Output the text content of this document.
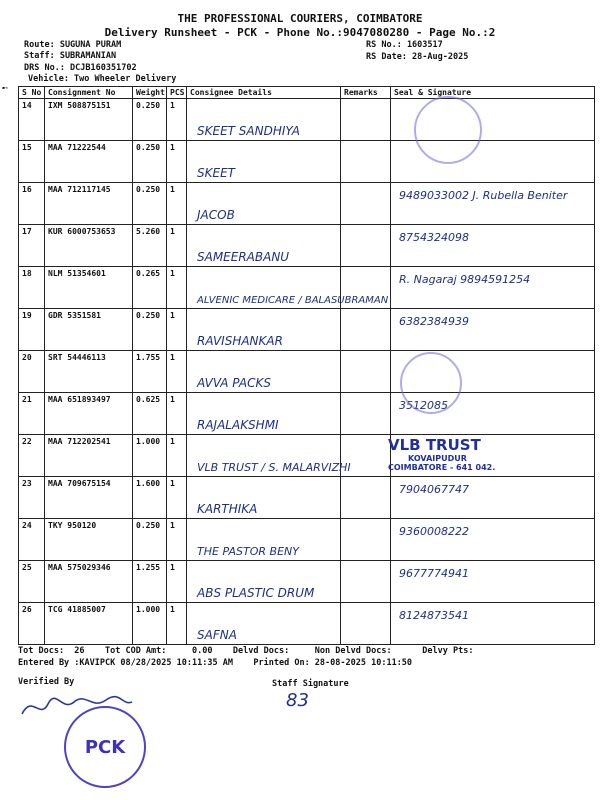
➸
THE PROFESSIONAL COURIERS, COIMBATORE
Delivery Runsheet - PCK - Phone No.:9047080280 - Page No.:2
Route: SUGUNA PURAM
Staff: SUBRAMANIAN
DRS No.: DCJB160351702
Vehicle: Two Wheeler Delivery
RS No.: 1603517
RS Date: 28-Aug-2025
S No	Consignment No	Weight	PCS	Consignee Details	Remarks	Seal & Signature
14	IXM 508875151	0.250	1	SKEET SANDHIYA		

15	MAA 71222544	0.250	1	SKEET		

16	MAA 712117145	0.250	1	JACOB		9489033002 J. Rubella Beniter

17	KUR 6000753653	5.260	1	SAMEERABANU		8754324098

18	NLM 51354601	0.265	1	ALVENIC MEDICARE / BALASUBRAMAN		R. Nagaraj 9894591254

19	GDR 5351581	0.250	1	RAVISHANKAR		6382384939

20	SRT 54446113	1.755	1	AVVA PACKS		

21	MAA 651893497	0.625	1	RAJALAKSHMI		3512085

22	MAA 712202541	1.000	1	VLB TRUST / S. MALARVIZHI		

23	MAA 709675154	1.600	1	KARTHIKA		7904067747

24	TKY 950120	0.250	1	THE PASTOR BENY		9360008222

25	MAA 575029346	1.255	1	ABS PLASTIC DRUM		9677774941

26	TCG 41885007	1.000	1	SAFNA		8124873541
VLB TRUST
KOVAIPUDUR
COIMBATORE - 641 042.
Tot Docs:  26    Tot COD Amt:     0.00    Delvd Docs:     Non Delvd Docs:      Delvy Pts:
Entered By :KAVIPCK 08/28/2025 10:11:35 AM    Printed On: 28-08-2025 10:11:50
Verified By	Staff Signature
83
PCK
